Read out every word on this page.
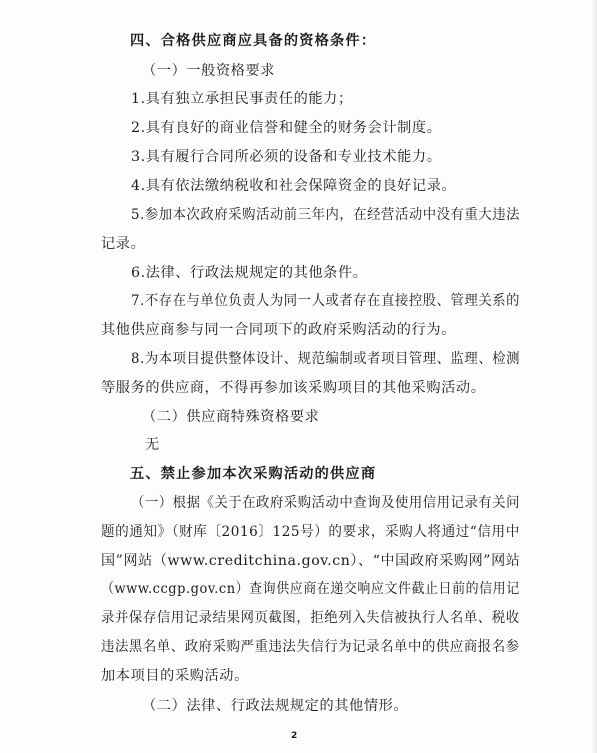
四、合格供应商应具备的资格条件：
（一）一般资格要求
1.具有独立承担民事责任的能力；
2.具有良好的商业信誉和健全的财务会计制度。
3.具有履行合同所必须的设备和专业技术能力。
4.具有依法缴纳税收和社会保障资金的良好记录。
5.参加本次政府采购活动前三年内，在经营活动中没有重大违法
记录。
6.法律、行政法规规定的其他条件。
7.不存在与单位负责人为同一人或者存在直接控股、管理关系的
其他供应商参与同一合同项下的政府采购活动的行为。
8.为本项目提供整体设计、规范编制或者项目管理、监理、检测
等服务的供应商，不得再参加该采购项目的其他采购活动。
（二）供应商特殊资格要求
无
五、禁止参加本次采购活动的供应商
（一）根据《关于在政府采购活动中查询及使用信用记录有关问
题的通知》（财库〔2016〕125号）的要求，采购人将通过“信用中
国”网站（www.creditchina.gov.cn）、“中国政府采购网”网站
（www.ccgp.gov.cn）查询供应商在递交响应文件截止日前的信用记
录并保存信用记录结果网页截图，拒绝列入失信被执行人名单、税收
违法黑名单、政府采购严重违法失信行为记录名单中的供应商报名参
加本项目的采购活动。
（二）法律、行政法规规定的其他情形。
2
